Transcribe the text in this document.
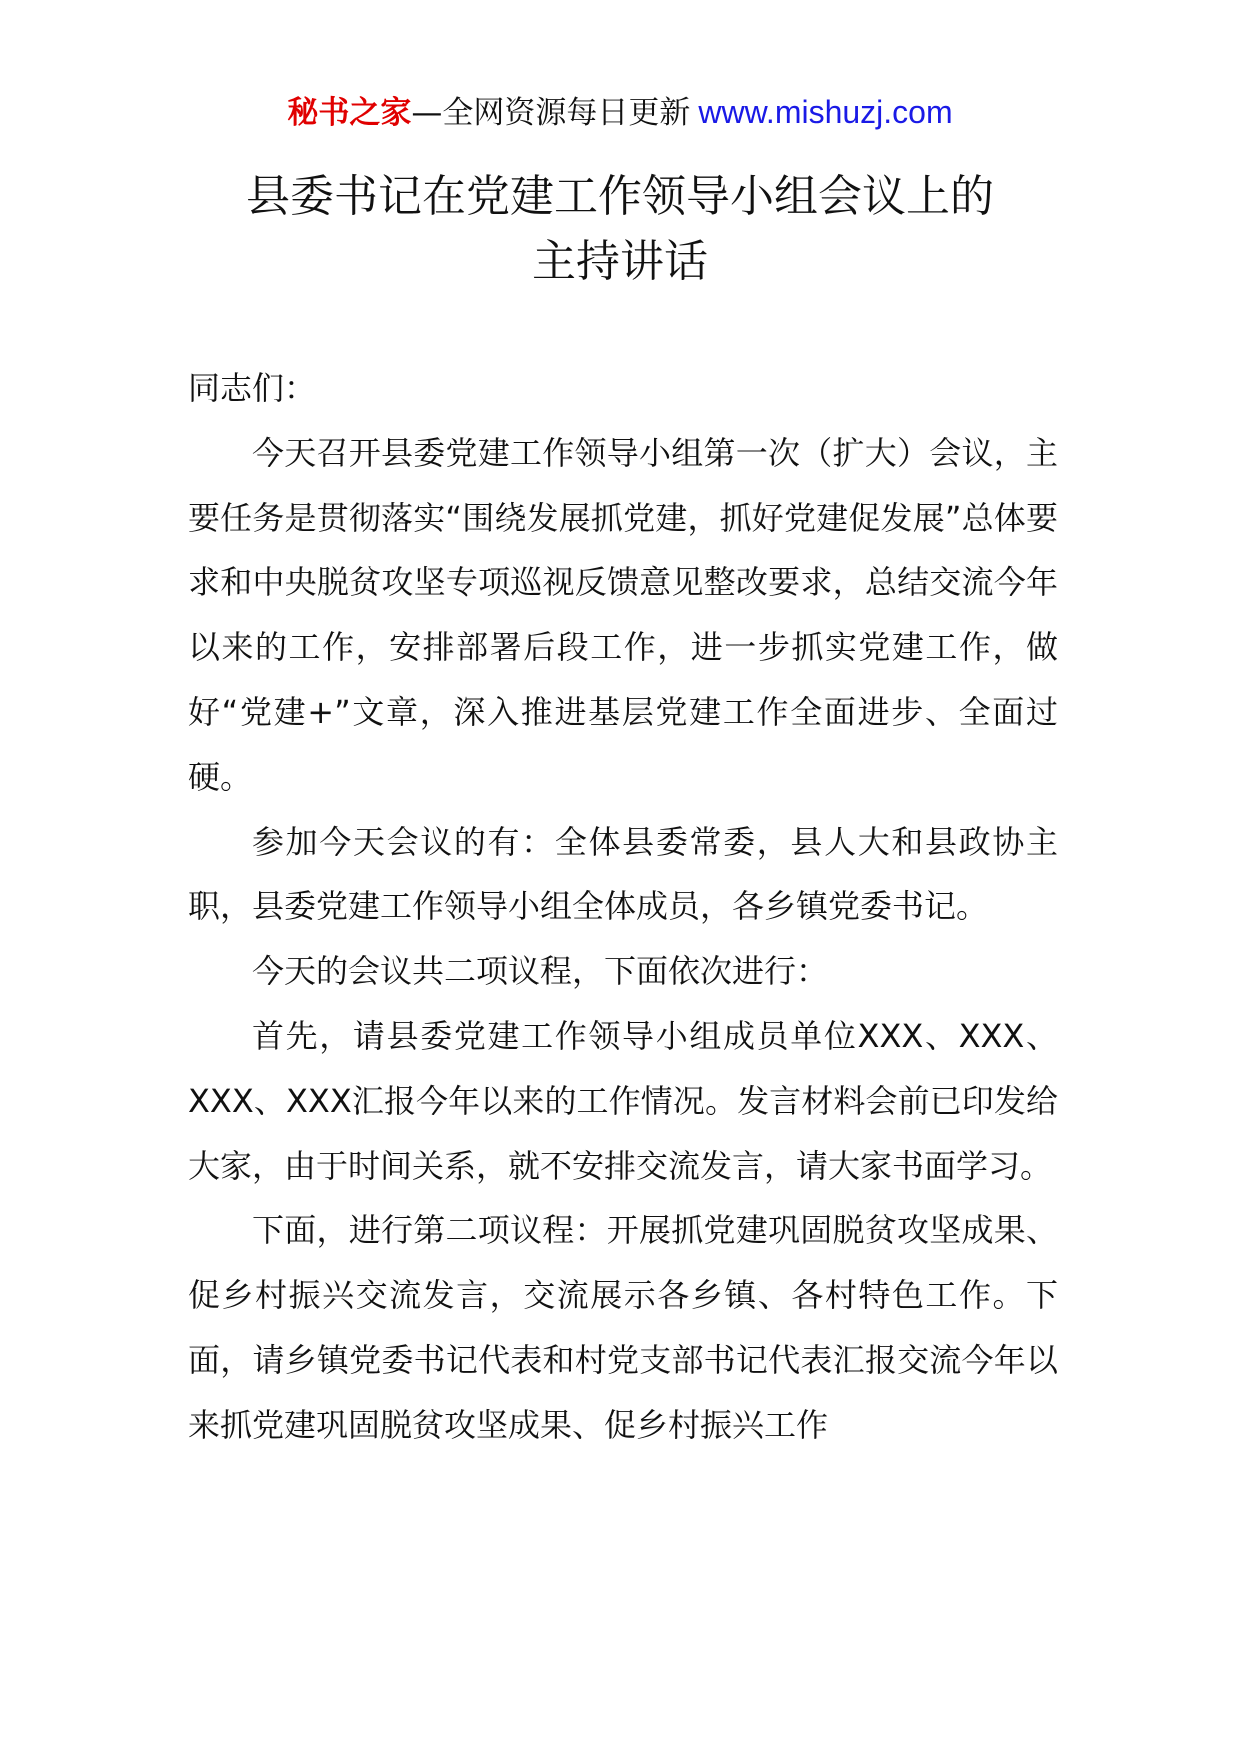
秘书之家—全网资源每日更新 www.mishuzj.com
县委书记在党建工作领导小组会议上的
主持讲话

同志们：

今天召开县委党建工作领导小组第一次（扩大）会议，主要任务是贯彻落实“围绕发展抓党建，抓好党建促发展”总体要求和中央脱贫攻坚专项巡视反馈意见整改要求，总结交流今年以来的工作，安排部署后段工作，进一步抓实党建工作，做好“党建+”文章，深入推进基层党建工作全面进步、全面过硬。

参加今天会议的有：全体县委常委，县人大和县政协主职，县委党建工作领导小组全体成员，各乡镇党委书记。

今天的会议共二项议程，下面依次进行：

首先，请县委党建工作领导小组成员单位XXX、XXX、XXX、XXX汇报今年以来的工作情况。发言材料会前已印发给大家，由于时间关系，就不安排交流发言，请大家书面学习。

下面，进行第二项议程：开展抓党建巩固脱贫攻坚成果、促乡村振兴交流发言，交流展示各乡镇、各村特色工作。下面，请乡镇党委书记代表和村党支部书记代表汇报交流今年以来抓党建巩固脱贫攻坚成果、促乡村振兴工作
